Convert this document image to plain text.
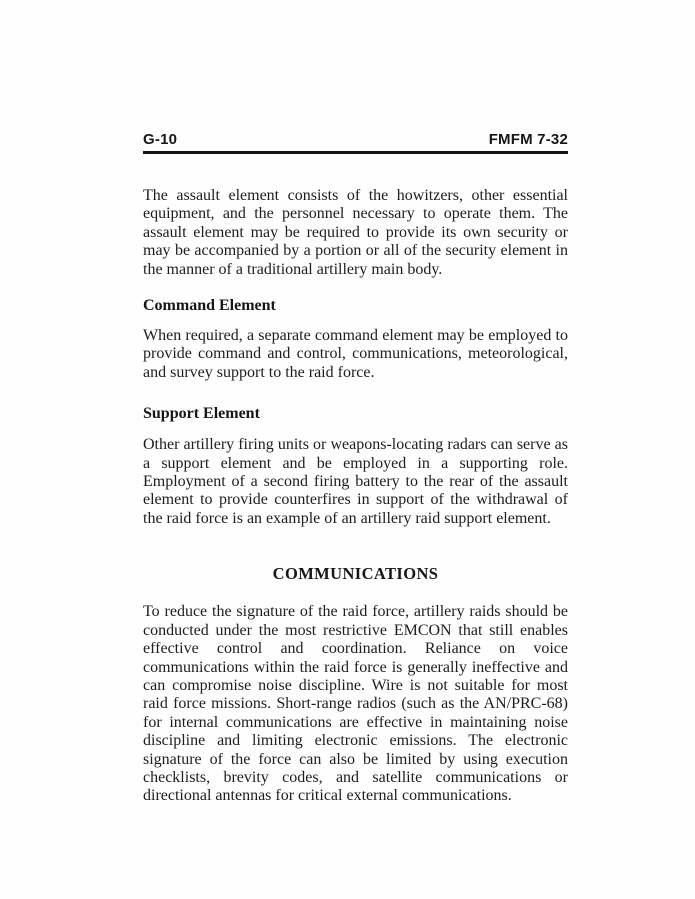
G-10	FMFM 7-32

The assault element consists of the howitzers, other essential equipment, and the personnel necessary to operate them. The assault element may be required to provide its own security or may be accompanied by a portion or all of the security element in the manner of a traditional artillery main body.

Command Element

When required, a separate command element may be employed to provide command and control, communications, meteorological, and survey support to the raid force.

Support Element

Other artillery firing units or weapons-locating radars can serve as a support element and be employed in a supporting role. Employment of a second firing battery to the rear of the assault element to provide counterfires in support of the withdrawal of the raid force is an example of an artillery raid support element.

COMMUNICATIONS

To reduce the signature of the raid force, artillery raids should be conducted under the most restrictive EMCON that still enables effective control and coordination. Reliance on voice communications within the raid force is generally ineffective and can compromise noise discipline. Wire is not suitable for most raid force missions. Short-range radios (such as the AN/PRC-68) for internal communications are effective in maintaining noise discipline and limiting electronic emissions. The electronic signature of the force can also be limited by using execution checklists, brevity codes, and satellite communications or directional antennas for critical external communications.
